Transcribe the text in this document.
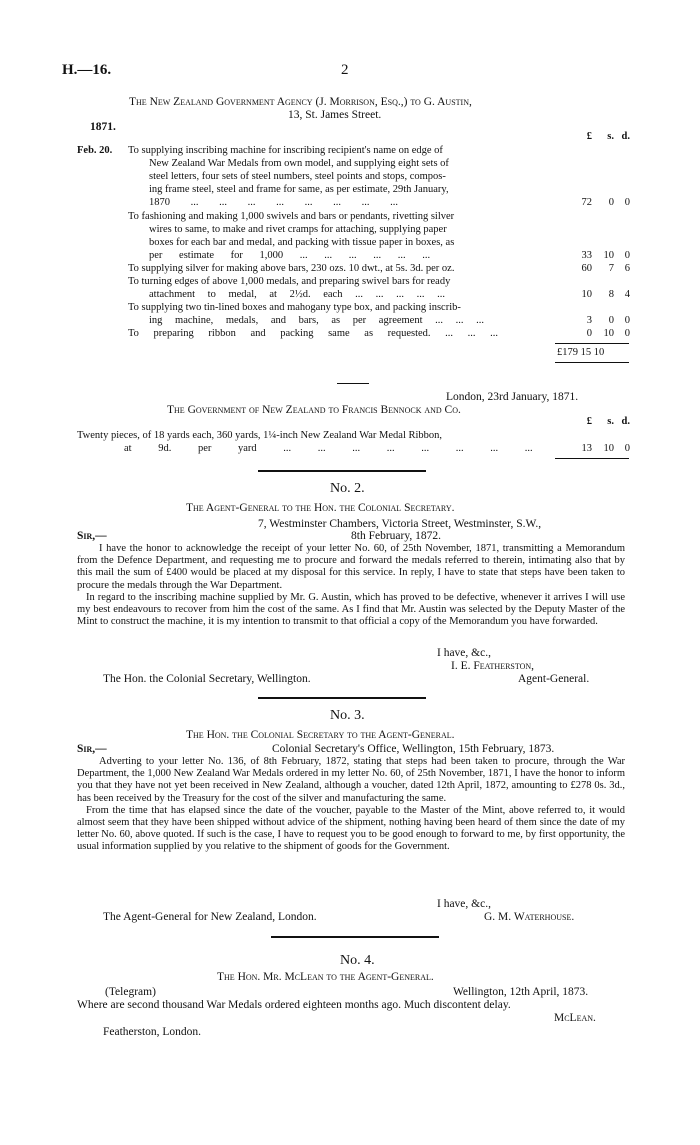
H.—16.	2
The New Zealand Government Agency (J. Morrison, Esq.,) to G. Austin,
13, St. James Street.
1871.
£ s. d.
Feb. 20. To supplying inscribing machine for inscribing recipient's name on edge of
New Zealand War Medals from own model, and supplying eight sets of
steel letters, four sets of steel numbers, steel points and stops, compos-
ing frame steel, steel and frame for same, as per estimate, 29th January,
1870 ... ... ... ... ... ... ... ...	72 0 0
To fashioning and making 1,000 swivels and bars or pendants, rivetting silver
wires to same, to make and rivet cramps for attaching, supplying paper
boxes for each bar and medal, and packing with tissue paper in boxes, as
per estimate for 1,000 ... ... ... ... ... ...	33 10 0
To supplying silver for making above bars, 230 ozs. 10 dwt., at 5s. 3d. per oz.	60 7 6
To turning edges of above 1,000 medals, and preparing swivel bars for ready
attachment to medal, at 2½d. each ... ... ... ... ...	10 8 4
To supplying two tin-lined boxes and mahogany type box, and packing inscrib-
ing machine, medals, and bars, as per agreement ... ... ...	3 0 0
To preparing ribbon and packing same as requested. ... ... ...	0 10 0
£179 15 10
London, 23rd January, 1871.
The Government of New Zealand to Francis Bennock and Co.
£ s. d.
Twenty pieces, of 18 yards each, 360 yards, 1¼-inch New Zealand War Medal Ribbon,
at 9d. per yard ... ... ... ... ... ... ... ...	13 10 0
No. 2.
The Agent-General to the Hon. the Colonial Secretary.
7, Westminster Chambers, Victoria Street, Westminster, S.W.,
Sir,—	8th February, 1872.

I have the honor to acknowledge the receipt of your letter No. 60, of 25th November, 1871, transmitting a Memorandum from the Defence Department, and requesting me to procure and forward the medals referred to therein, intimating also that by this mail the sum of £400 would be placed at my disposal for this service. In reply, I have to state that steps have been taken to procure the medals through the War Department.

In regard to the inscribing machine supplied by Mr. G. Austin, which has proved to be defective, whenever it arrives I will use my best endeavours to recover from him the cost of the same. As I find that Mr. Austin was selected by the Deputy Master of the Mint to construct the machine, it is my intention to transmit to that official a copy of the Memorandum you have forwarded.

I have, &c.,
I. E. Featherston,
The Hon. the Colonial Secretary, Wellington.	Agent-General.
No. 3.
The Hon. the Colonial Secretary to the Agent-General.
Sir,—	Colonial Secretary's Office, Wellington, 15th February, 1873.

Adverting to your letter No. 136, of 8th February, 1872, stating that steps had been taken to procure, through the War Department, the 1,000 New Zealand War Medals ordered in my letter No. 60, of 25th November, 1871, I have the honor to inform you that they have not yet been received in New Zealand, although a voucher, dated 12th April, 1872, amounting to £278 0s. 3d., has been received by the Treasury for the cost of the silver and manufacturing the same.

From the time that has elapsed since the date of the voucher, payable to the Master of the Mint, above referred to, it would almost seem that they have been shipped without advice of the shipment, nothing having been heard of them since the date of my letter No. 60, above quoted. If such is the case, I have to request you to be good enough to forward to me, by first opportunity, the usual information supplied by you relative to the shipment of goods for the Government.

I have, &c.,
The Agent-General for New Zealand, London.	G. M. Waterhouse.
No. 4.
The Hon. Mr. McLean to the Agent-General.
(Telegram)	Wellington, 12th April, 1873.
Where are second thousand War Medals ordered eighteen months ago. Much discontent delay.
McLean.
Featherston, London.
